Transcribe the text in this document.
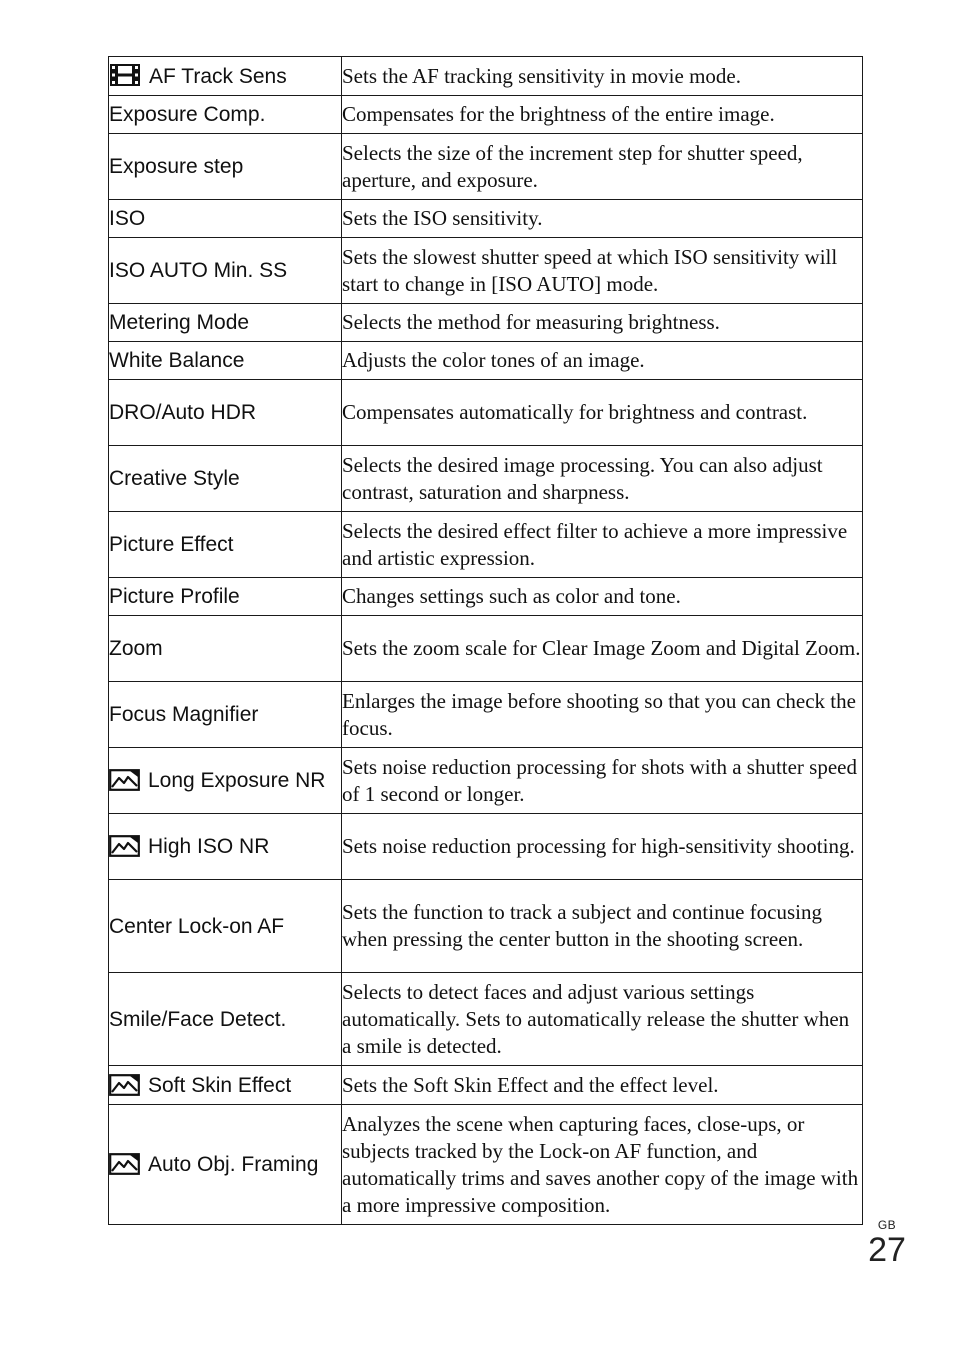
AF Track Sens	Sets the AF tracking sensitivity in movie mode.
Exposure Comp.	Compensates for the brightness of the entire image.
Exposure step	Selects the size of the increment step for shutter speed, aperture, and exposure.
ISO	Sets the ISO sensitivity.
ISO AUTO Min. SS	Sets the slowest shutter speed at which ISO sensitivity will start to change in [ISO AUTO] mode.
Metering Mode	Selects the method for measuring brightness.
White Balance	Adjusts the color tones of an image.
DRO/Auto HDR	Compensates automatically for brightness and contrast.
Creative Style	Selects the desired image processing. You can also adjust contrast, saturation and sharpness.
Picture Effect	Selects the desired effect filter to achieve a more impressive and artistic expression.
Picture Profile	Changes settings such as color and tone.
Zoom	Sets the zoom scale for Clear Image Zoom and Digital Zoom.
Focus Magnifier	Enlarges the image before shooting so that you can check the focus.

Long Exposure NR	Sets noise reduction processing for shots with a shutter speed of 1 second or longer.

High ISO NR	Sets noise reduction processing for high-sensitivity shooting.
Center Lock-on AF	Sets the function to track a subject and continue focusing when pressing the center button in the shooting screen.
Smile/Face Detect.	Selects to detect faces and adjust various settings automatically. Sets to automatically release the shutter when a smile is detected.

Soft Skin Effect	Sets the Soft Skin Effect and the effect level.

Auto Obj. Framing	Analyzes the scene when capturing faces, close-ups, or subjects tracked by the Lock-on AF function, and automatically trims and saves another copy of the image with a more impressive composition.
GB
27
